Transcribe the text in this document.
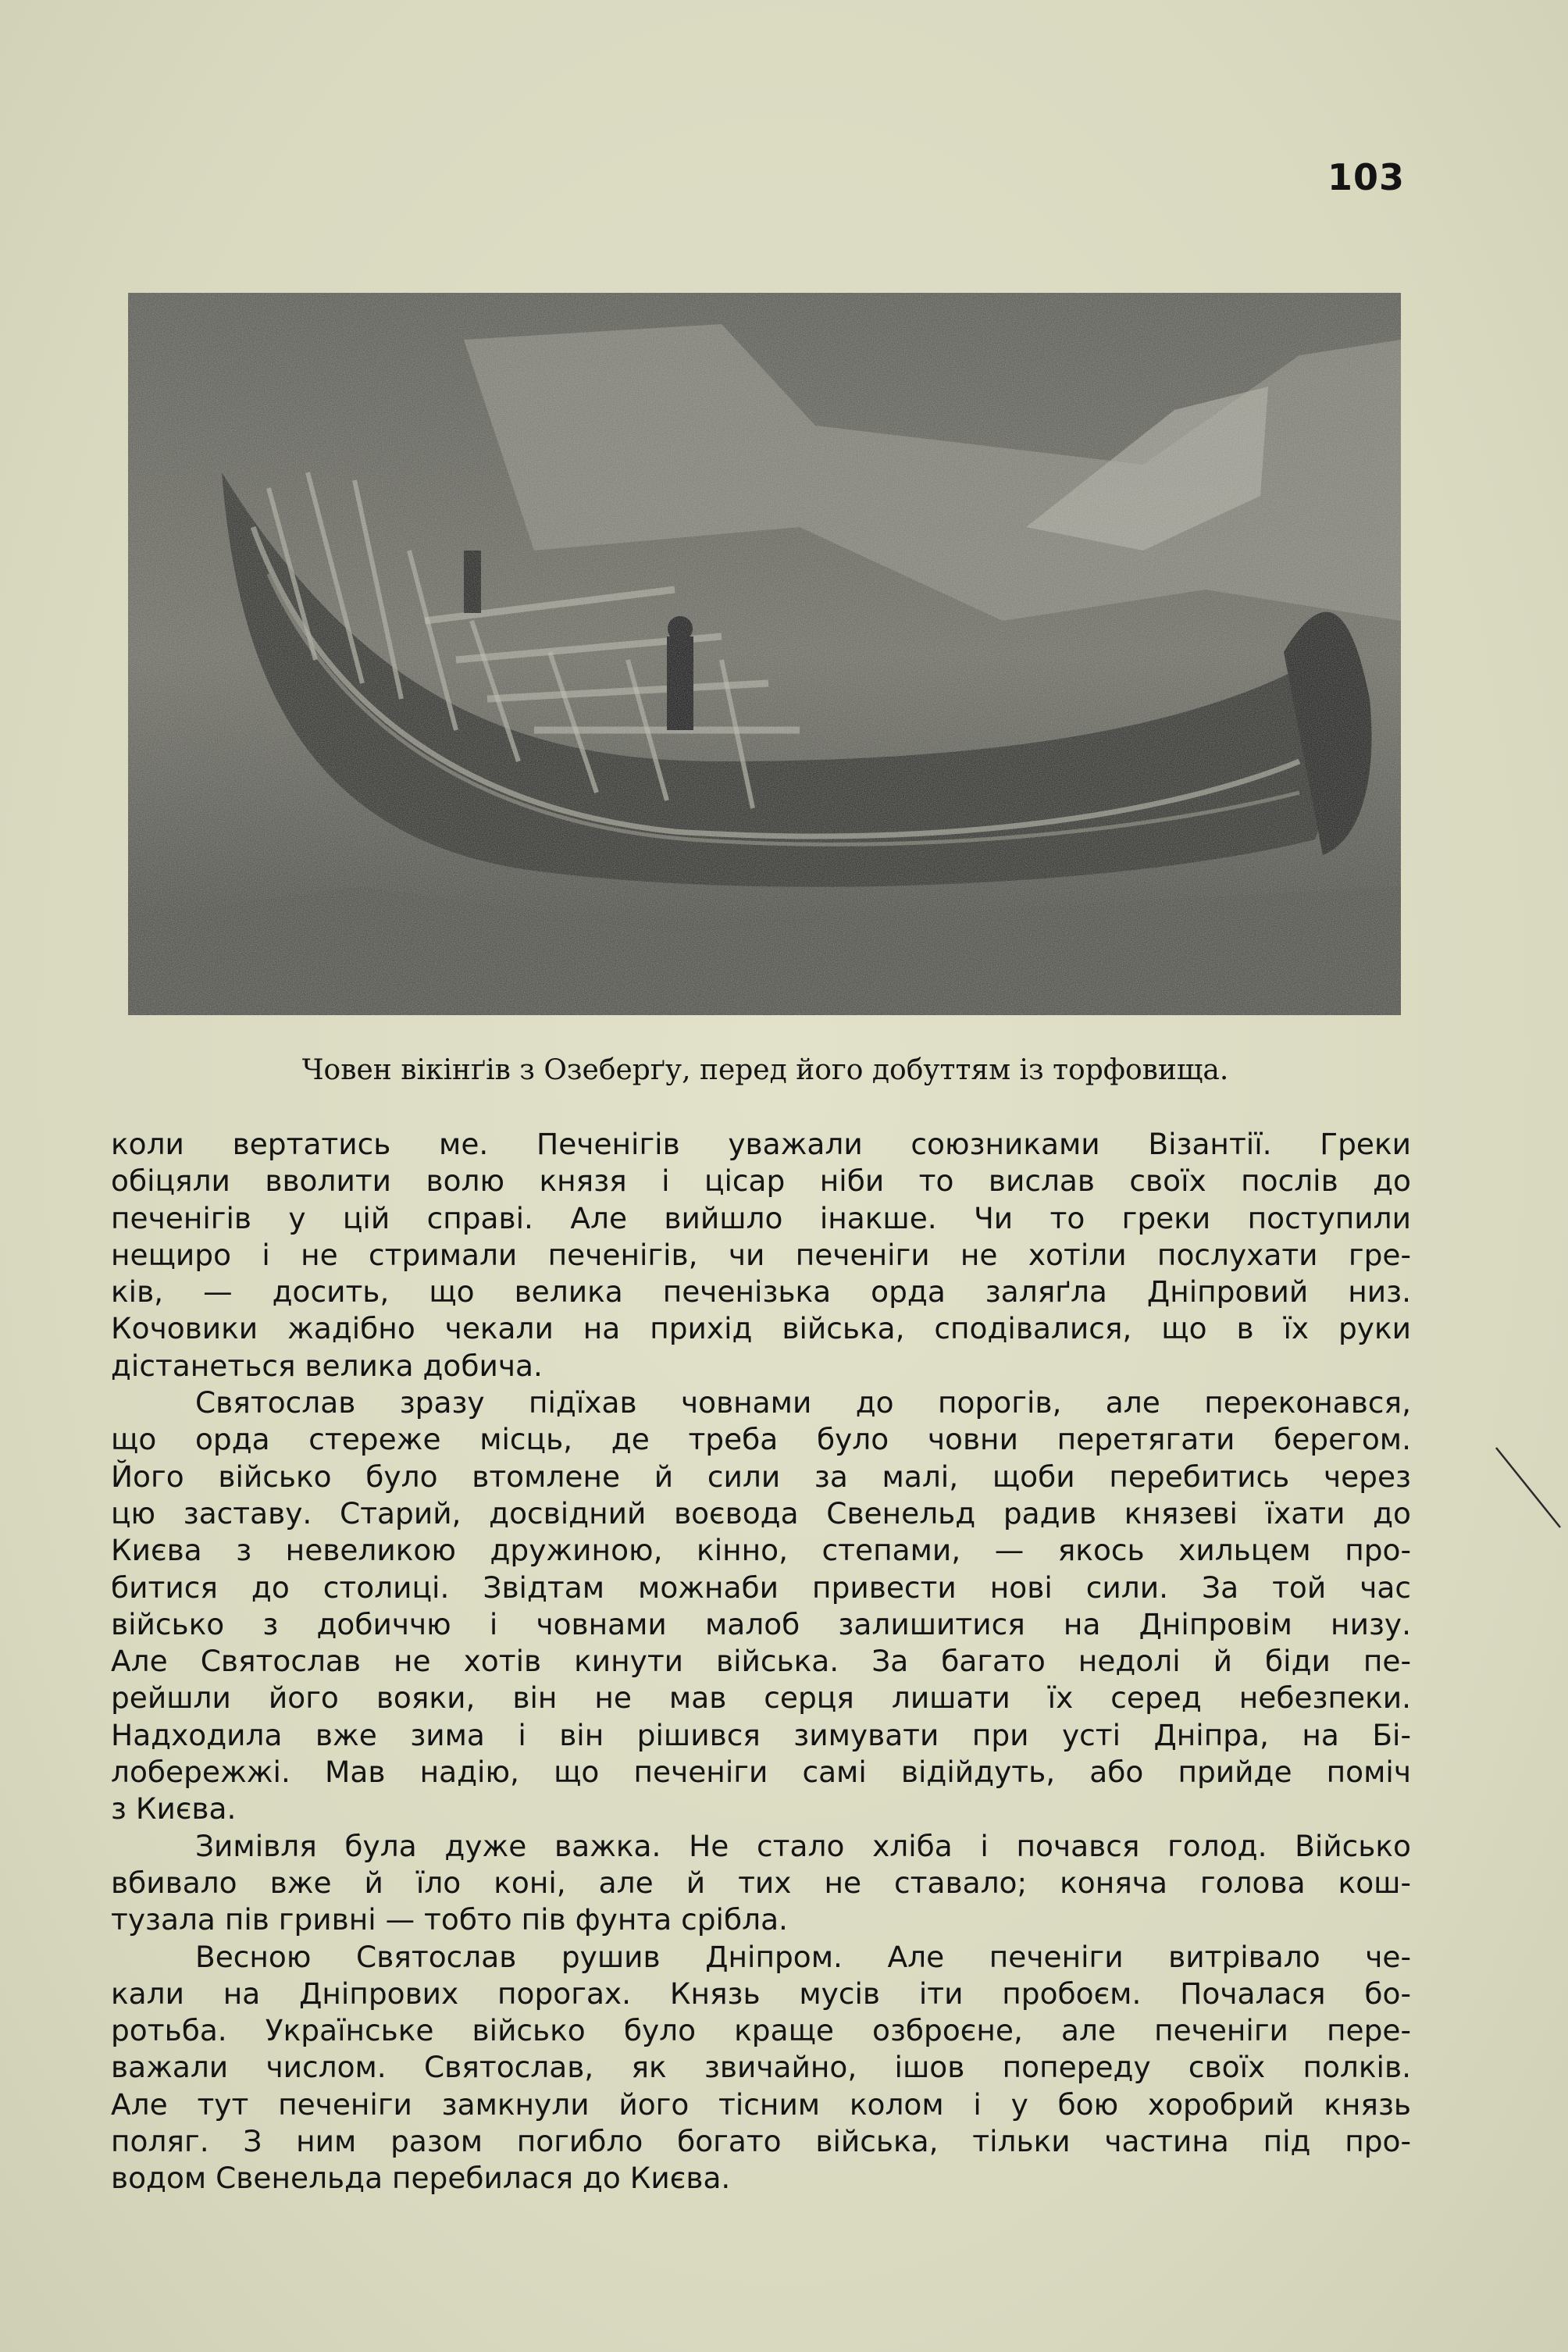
103
Човен вікінґів з Озеберґу, перед його добуттям із торфовища.
коли вертатись ме. Печенігів уважали союзниками Візантії. Греки
обіцяли вволити волю князя і цісар ніби то вислав своїх послів до
печенігів у цій справі. Але вийшло інакше. Чи то греки поступили
нещиро і не стримали печенігів, чи печеніги не хотіли послухати гре-
ків, — досить, що велика печенізька орда заляґла Дніпровий низ.
Кочовики жадібно чекали на прихід війська, сподівалися, що в їх руки
дістанеться велика добича.
Святослав зразу підїхав човнами до порогів, але переконався,
що орда стереже місць, де треба було човни перетягати берегом.
Його військо було втомлене й сили за малі, щоби перебитись через
цю заставу. Старий, досвідний воєвода Свенельд радив князеві їхати до
Києва з невеликою дружиною, кінно, степами, — якось хильцем про-
битися до столиці. Звідтам можнаби привести нові сили. За той час
військо з добиччю і човнами малоб залишитися на Дніпровім низу.
Але Святослав не хотів кинути війська. За багато недолі й біди пе-
рейшли його вояки, він не мав серця лишати їх серед небезпеки.
Надходила вже зима і він рішився зимувати при усті Дніпра, на Бі-
лобережжі. Мав надію, що печеніги самі відійдуть, або прийде поміч
з Києва.
Зимівля була дуже важка. Не стало хліба і почався голод. Військо
вбивало вже й їло коні, але й тих не ставало; коняча голова кош-
тузала пів гривні — тобто пів фунта срібла.
Весною Святослав рушив Дніпром. Але печеніги витрівало че-
кали на Дніпрових порогах. Князь мусів іти пробоєм. Почалася бо-
ротьба. Українське військо було краще озброєне, але печеніги пере-
важали числом. Святослав, як звичайно, ішов попереду своїх полків.
Але тут печеніги замкнули його тісним колом і у бою хоробрий князь
поляг. З ним разом погибло богато війська, тільки частина під про-
водом Свенельда перебилася до Києва.
